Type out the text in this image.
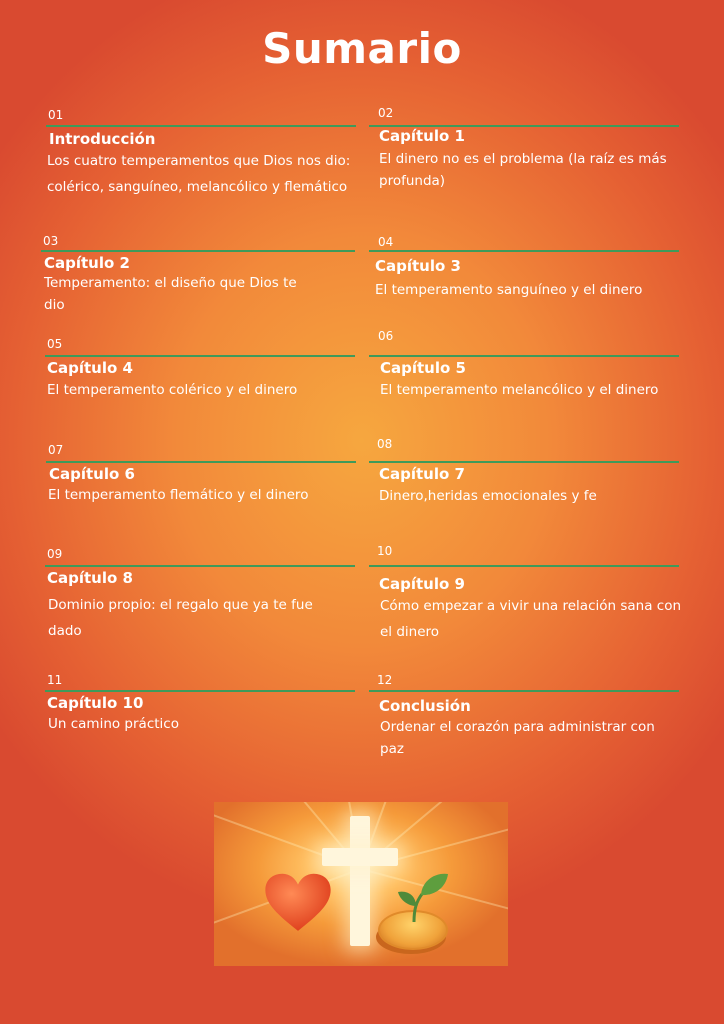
Sumario
01
Introducción
Los cuatro temperamentos que Dios nos dio: colérico, sanguíneo, melancólico y flemático
03
Capítulo 2
Temperamento: el diseño que Dios te dio
05
Capítulo 4
El temperamento colérico y el dinero
07
Capítulo 6
El temperamento flemático y el dinero
09
Capítulo 8
Dominio propio: el regalo que ya te fue dado
11
Capítulo 10
Un camino práctico
02
Capítulo 1
El dinero no es el problema (la raíz es más profunda)
04
Capítulo 3
El temperamento sanguíneo y el dinero
06
Capítulo 5
El temperamento melancólico y el dinero
08
Capítulo 7
Dinero,heridas emocionales y fe
10
Capítulo 9
Cómo empezar a vivir una relación sana con el dinero
12
Conclusión
Ordenar el corazón para administrar con paz
